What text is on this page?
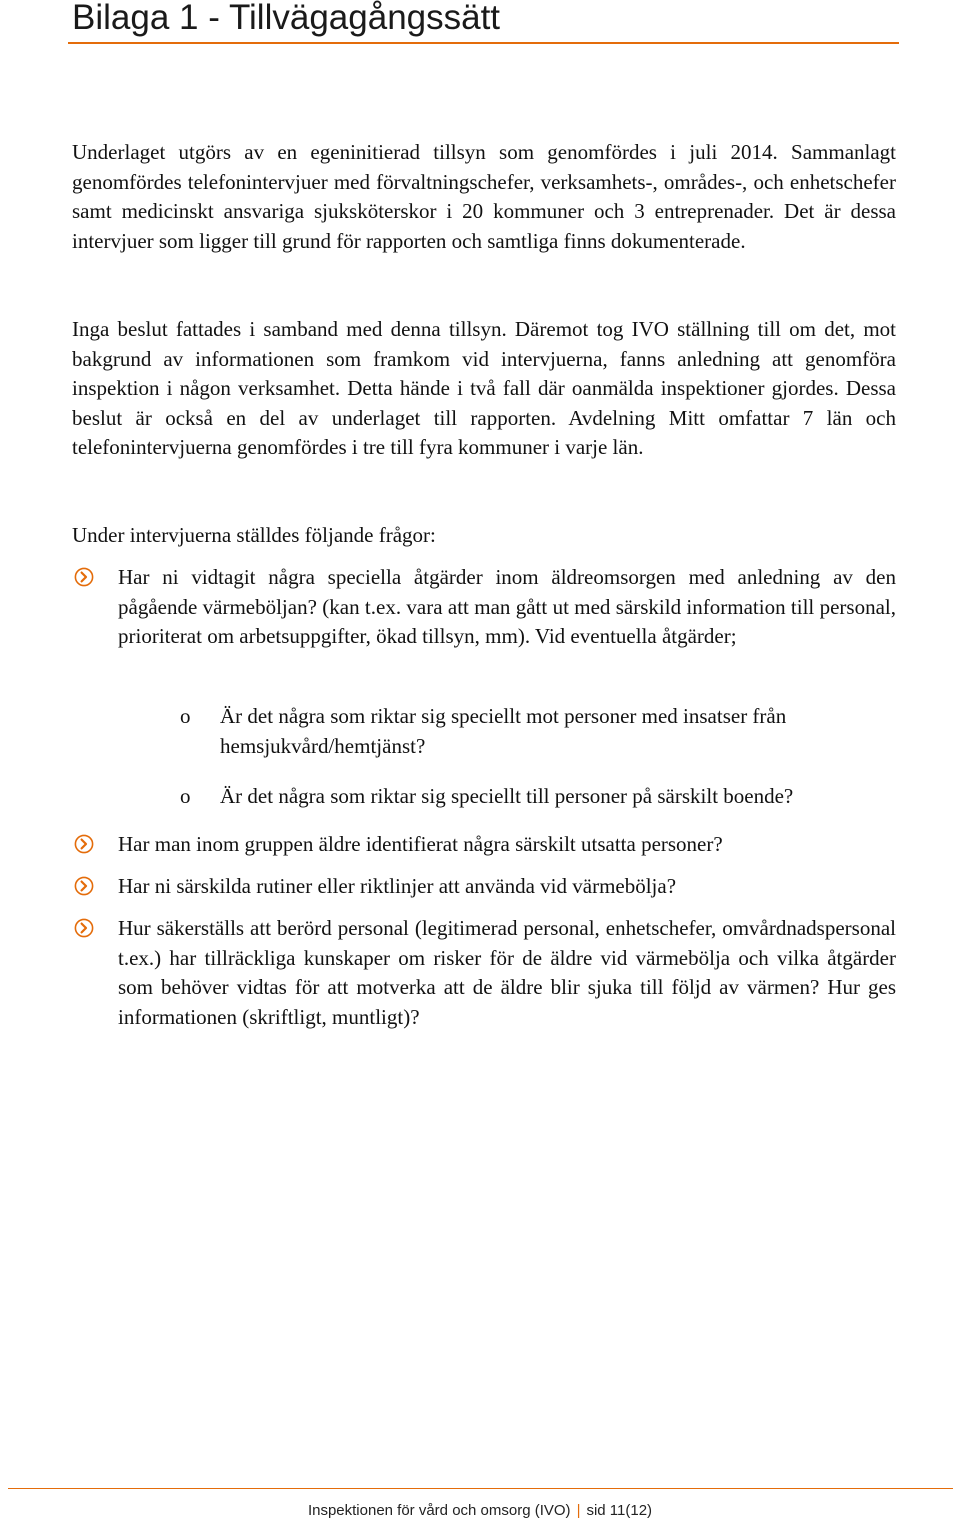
Bilaga 1 - Tillvägagångssätt

Underlaget utgörs av en egeninitierad tillsyn som genomfördes i juli 2014. Sammanlagt genomfördes telefonintervjuer med förvaltningschefer, verksamhets-, områdes-, och enhetschefer samt medicinskt ansvariga sjuksköterskor i 20 kommuner och 3 entreprenader. Det är dessa intervjuer som ligger till grund för rapporten och samtliga finns dokumenterade.

Inga beslut fattades i samband med denna tillsyn. Däremot tog IVO ställning till om det, mot bakgrund av informationen som framkom vid intervjuerna, fanns anledning att genomföra inspektion i någon verksamhet. Detta hände i två fall där oanmälda inspektioner gjordes. Dessa beslut är också en del av underlaget till rapporten. Avdelning Mitt omfattar 7 län och telefonintervjuerna genomfördes i tre till fyra kommuner i varje län.

Under intervjuerna ställdes följande frågor:

Har ni vidtagit några speciella åtgärder inom äldreomsorgen med anledning av den pågående värmeböljan? (kan t.ex. vara att man gått ut med särskild information till personal, prioriterat om arbetsuppgifter, ökad tillsyn, mm). Vid eventuella åtgärder;

o Är det några som riktar sig speciellt mot personer med insatser från hemsjukvård/hemtjänst?

o Är det några som riktar sig speciellt till personer på särskilt boende?

Har man inom gruppen äldre identifierat några särskilt utsatta personer?

Har ni särskilda rutiner eller riktlinjer att använda vid värmebölja?

Hur säkerställs att berörd personal (legitimerad personal, enhetschefer, omvårdnadspersonal t.ex.) har tillräckliga kunskaper om risker för de äldre vid värmebölja och vilka åtgärder som behöver vidtas för att motverka att de äldre blir sjuka till följd av värmen? Hur ges informationen (skriftligt, muntligt)?

Inspektionen för vård och omsorg (IVO) | sid 11(12)
